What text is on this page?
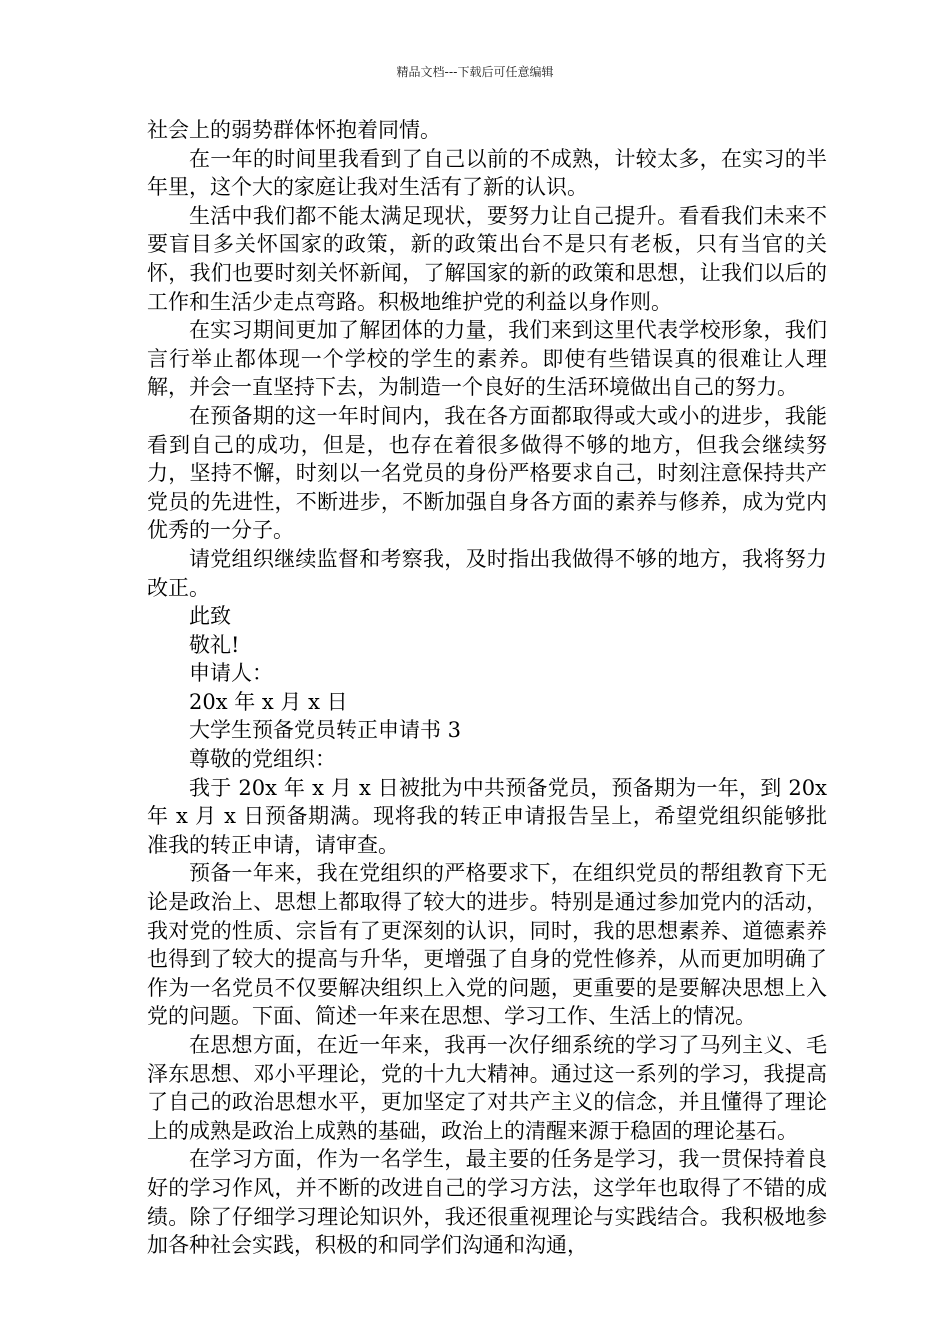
精品文档---下载后可任意编辑

社会上的弱势群体怀抱着同情。

在一年的时间里我看到了自己以前的不成熟，计较太多，在实习的半年里，这个大的家庭让我对生活有了新的认识。

生活中我们都不能太满足现状，要努力让自己提升。看看我们未来不要盲目多关怀国家的政策，新的政策出台不是只有老板，只有当官的关怀，我们也要时刻关怀新闻，了解国家的新的政策和思想，让我们以后的工作和生活少走点弯路。积极地维护党的利益以身作则。

在实习期间更加了解团体的力量，我们来到这里代表学校形象，我们言行举止都体现一个学校的学生的素养。即使有些错误真的很难让人理解，并会一直坚持下去，为制造一个良好的生活环境做出自己的努力。

在预备期的这一年时间内，我在各方面都取得或大或小的进步，我能看到自己的成功，但是，也存在着很多做得不够的地方，但我会继续努力，坚持不懈，时刻以一名党员的身份严格要求自己，时刻注意保持共产党员的先进性，不断进步，不断加强自身各方面的素养与修养，成为党内优秀的一分子。

请党组织继续监督和考察我，及时指出我做得不够的地方，我将努力改正。

此致

敬礼!

申请人：

20x 年 x 月 x 日

大学生预备党员转正申请书 3

尊敬的党组织：

我于 20x 年 x 月 x 日被批为中共预备党员，预备期为一年，到 20x 年 x 月 x 日预备期满。现将我的转正申请报告呈上，希望党组织能够批准我的转正申请，请审查。

预备一年来，我在党组织的严格要求下，在组织党员的帮组教育下无论是政治上、思想上都取得了较大的进步。特别是通过参加党内的活动，我对党的性质、宗旨有了更深刻的认识，同时，我的思想素养、道德素养也得到了较大的提高与升华，更增强了自身的党性修养，从而更加明确了作为一名党员不仅要解决组织上入党的问题，更重要的是要解决思想上入党的问题。下面、简述一年来在思想、学习工作、生活上的情况。

在思想方面，在近一年来，我再一次仔细系统的学习了马列主义、毛泽东思想、邓小平理论，党的十九大精神。通过这一系列的学习，我提高了自己的政治思想水平，更加坚定了对共产主义的信念，并且懂得了理论上的成熟是政治上成熟的基础，政治上的清醒来源于稳固的理论基石。

在学习方面，作为一名学生，最主要的任务是学习，我一贯保持着良好的学习作风，并不断的改进自己的学习方法，这学年也取得了不错的成绩。除了仔细学习理论知识外，我还很重视理论与实践结合。我积极地参加各种社会实践，积极的和同学们沟通和沟通，
